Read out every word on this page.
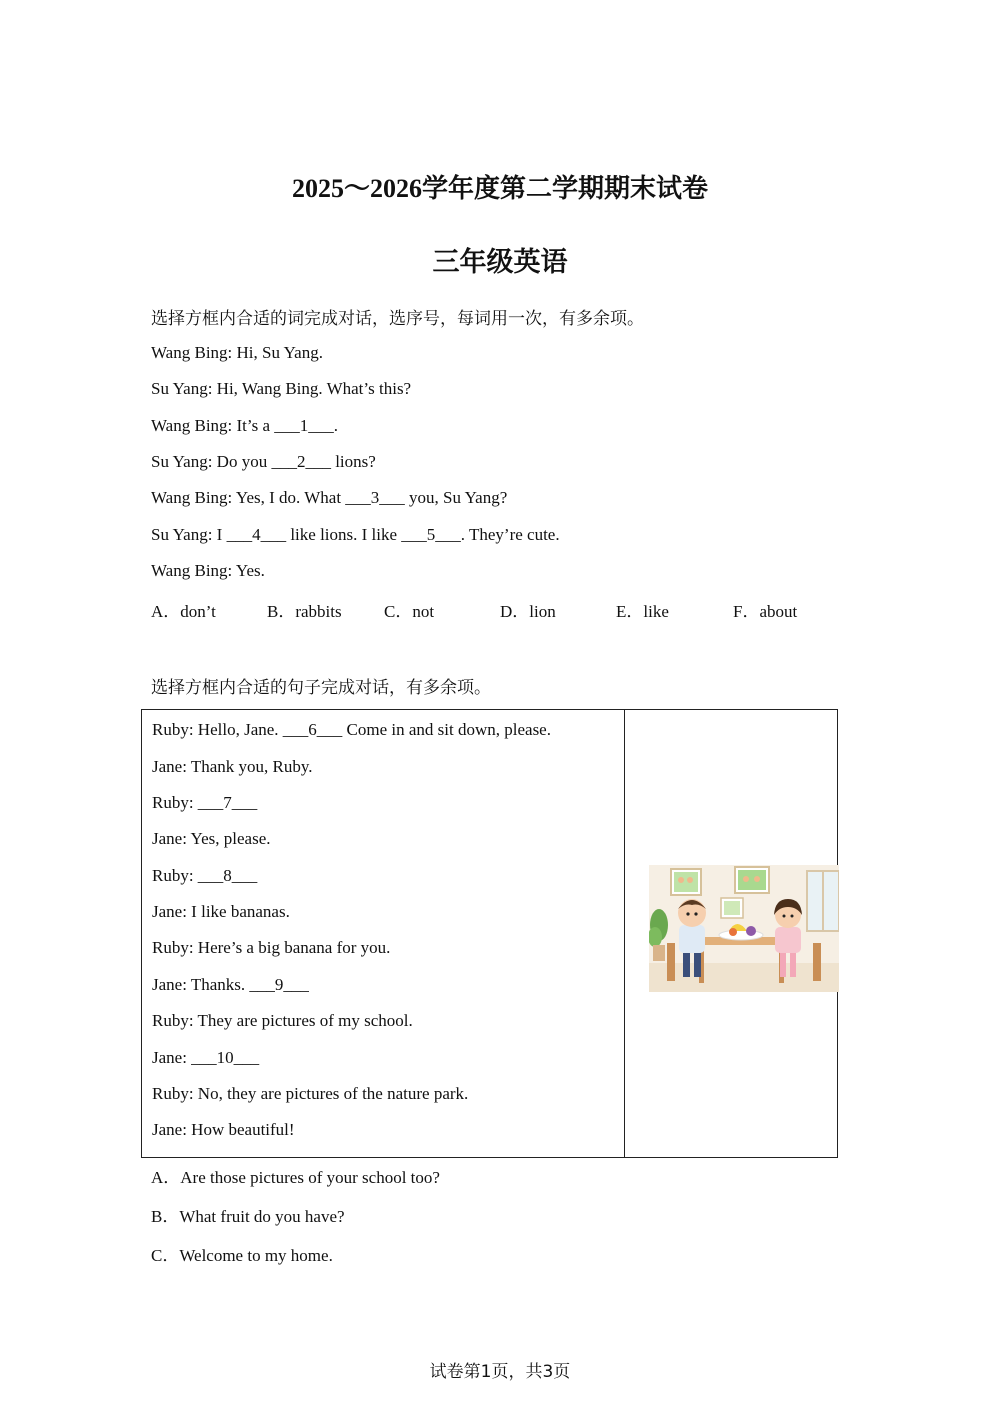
2025～2026学年度第二学期期末试卷
三年级英语
选择方框内合适的词完成对话，选序号，每词用一次，有多余项。
Wang Bing: Hi, Su Yang.
Su Yang: Hi, Wang Bing. What’s this?
Wang Bing: It’s a ___1___.
Su Yang: Do you ___2___ lions?
Wang Bing: Yes, I do. What ___3___ you, Su Yang?
Su Yang: I ___4___ like lions. I like ___5___. They’re cute.
Wang Bing: Yes.
A．don’t	B．rabbits C．not	D．lion	E．like	F．about
选择方框内合适的句子完成对话，有多余项。
Ruby: Hello, Jane. ___6___ Come in and sit down, please.
Jane: Thank you, Ruby.
Ruby: ___7___
Jane: Yes, please.
Ruby: ___8___
Jane: I like bananas.
Ruby: Here’s a big banana for you.
Jane: Thanks. ___9___
Ruby: They are pictures of my school.
Jane: ___10___
Ruby: No, they are pictures of the nature park.
Jane: How beautiful!
A．Are those pictures of your school too?
B．What fruit do you have?
C．Welcome to my home.
试卷第1页，共3页
